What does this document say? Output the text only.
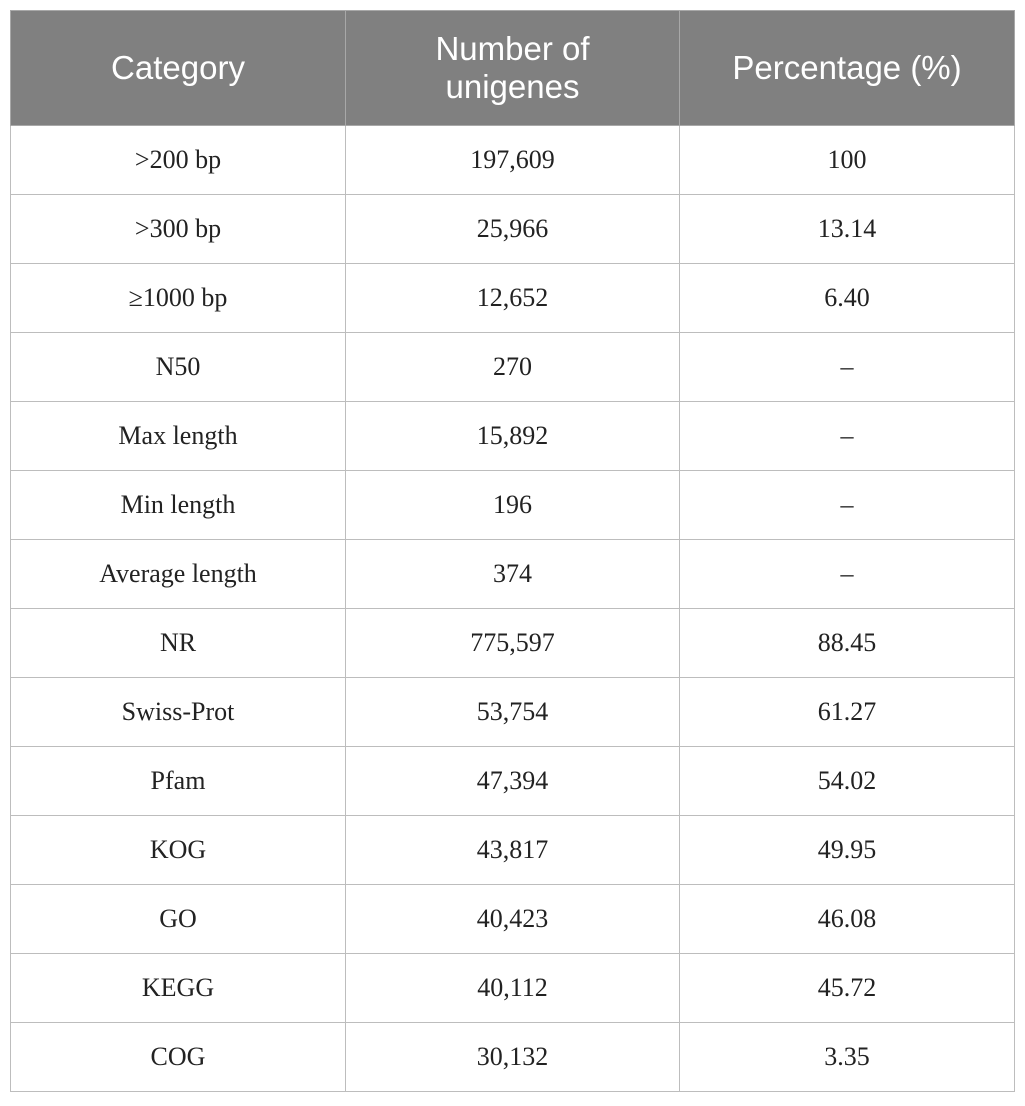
Category	Number of unigenes	Percentage (%)
>200 bp	197,609	100
>300 bp	25,966	13.14
≥1000 bp	12,652	6.40
N50	270	–
Max length	15,892	–
Min length	196	–
Average length	374	–
NR	775,597	88.45
Swiss-Prot	53,754	61.27
Pfam	47,394	54.02
KOG	43,817	49.95
GO	40,423	46.08
KEGG	40,112	45.72
COG	30,132	3.35
